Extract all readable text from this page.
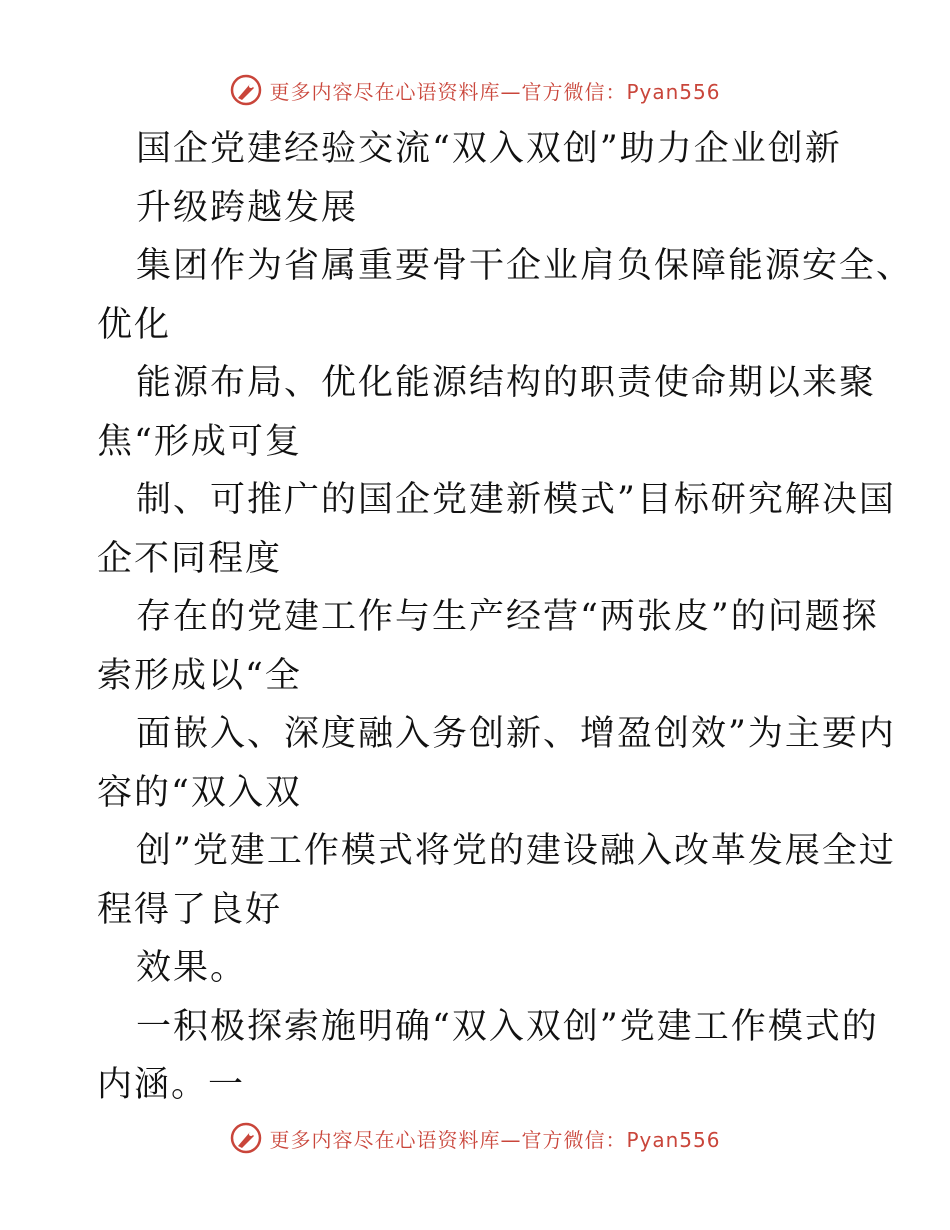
更多内容尽在心语资料库—官方微信：Pyan556
国企党建经验交流“双入双创”助力企业创新
升级跨越发展
集团作为省属重要骨干企业肩负保障能源安全、
优化
能源布局、优化能源结构的职责使命期以来聚
焦“形成可复
制、可推广的国企党建新模式”目标研究解决国
企不同程度
存在的党建工作与生产经营“两张皮”的问题探
索形成以“全
面嵌入、深度融入务创新、增盈创效”为主要内
容的“双入双
创”党建工作模式将党的建设融入改革发展全过
程得了良好
效果。
一积极探索施明确“双入双创”党建工作模式的
内涵。一
更多内容尽在心语资料库—官方微信：Pyan556
